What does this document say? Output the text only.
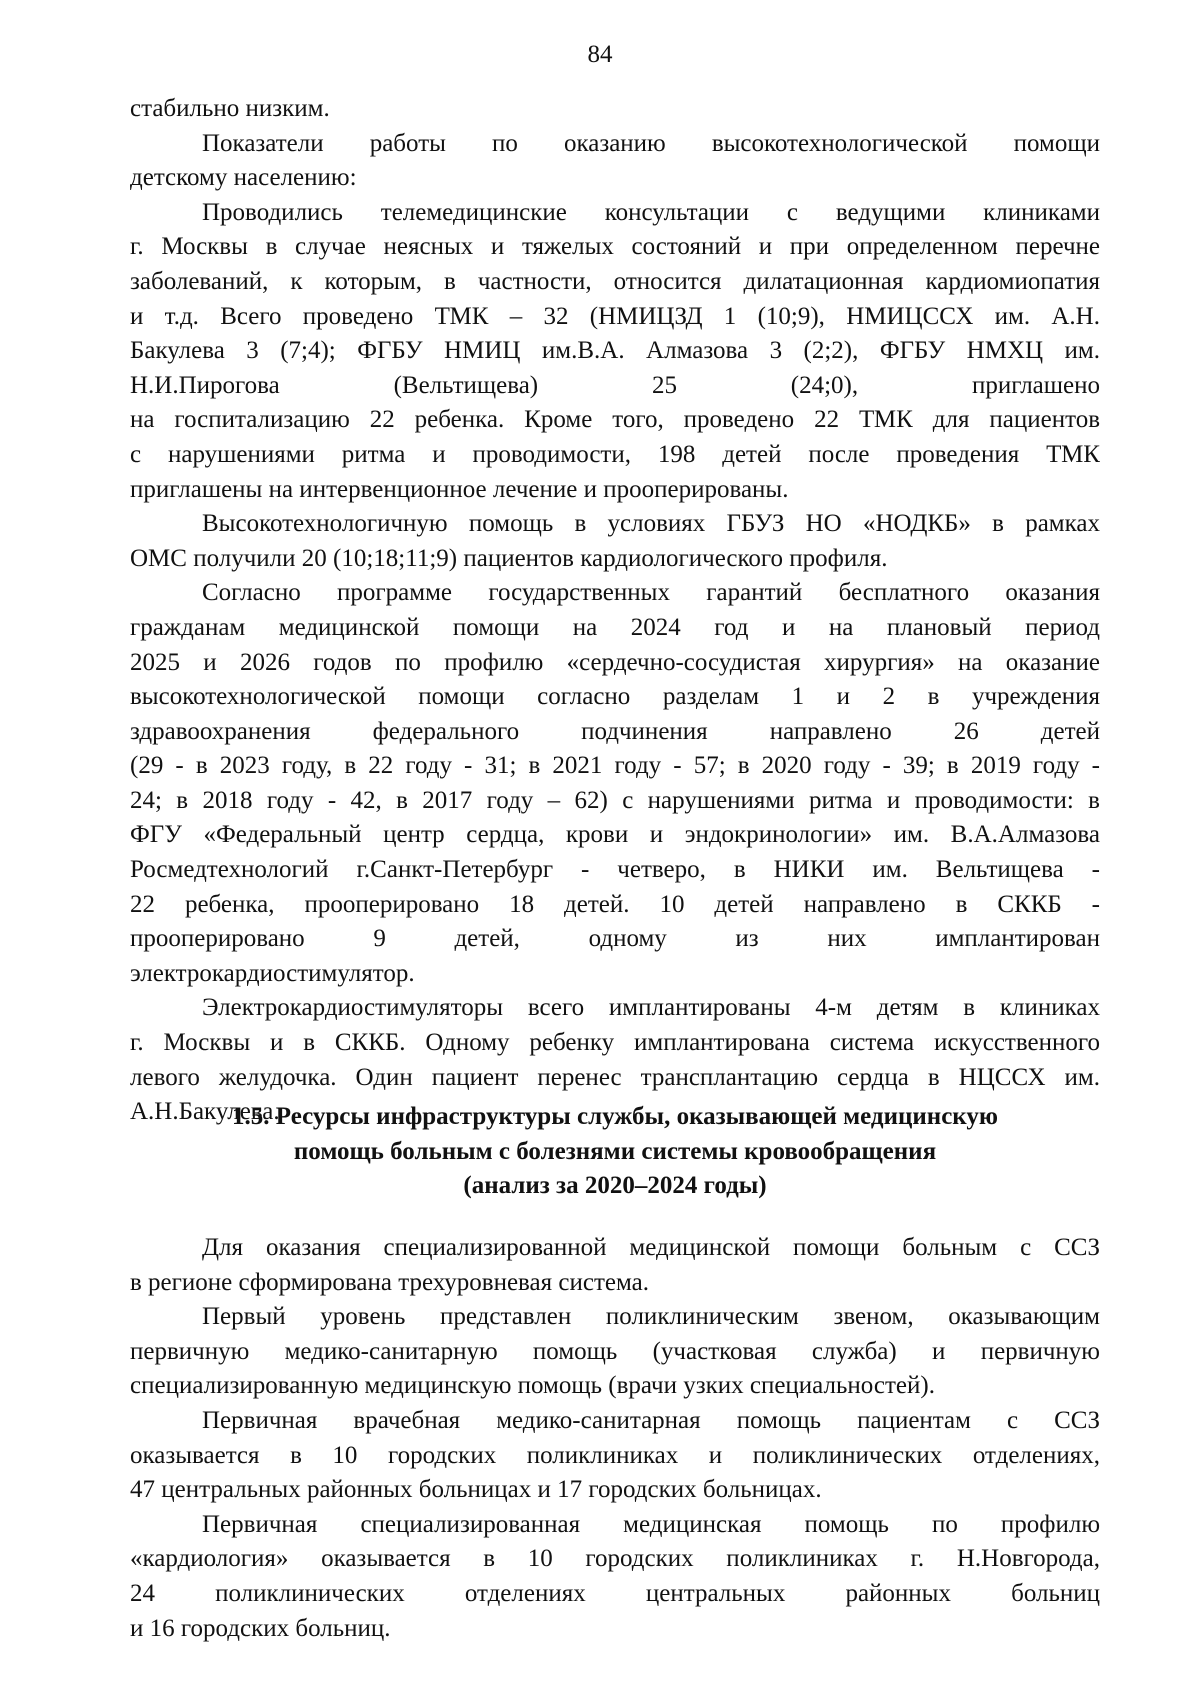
84
стабильно низким.
Показатели работы по оказанию высокотехнологической помощи
детскому населению:
Проводились телемедицинские консультации с ведущими клиниками
г. Москвы в случае неясных и тяжелых состояний и при определенном перечне
заболеваний, к которым, в частности, относится дилатационная кардиомиопатия
и т.д. Всего проведено ТМК – 32 (НМИЦЗД 1 (10;9), НМИЦССХ им. А.Н.
Бакулева 3 (7;4); ФГБУ НМИЦ им.В.А. Алмазова 3 (2;2), ФГБУ НМХЦ им.
Н.И.Пирогова (Вельтищева) 25 (24;0), приглашено
на госпитализацию 22 ребенка. Кроме того, проведено 22 ТМК для пациентов
с нарушениями ритма и проводимости, 198 детей после проведения ТМК
приглашены на интервенционное лечение и прооперированы.
Высокотехнологичную помощь в условиях ГБУЗ НО «НОДКБ» в рамках
ОМС получили 20 (10;18;11;9) пациентов кардиологического профиля.
Согласно программе государственных гарантий бесплатного оказания
гражданам медицинской помощи на 2024 год и на плановый период
2025 и 2026 годов по профилю «сердечно-сосудистая хирургия» на оказание
высокотехнологической помощи согласно разделам 1 и 2 в учреждения
здравоохранения федерального подчинения направлено 26 детей
(29 - в 2023 году, в 22 году - 31; в 2021 году - 57; в 2020 году - 39; в 2019 году -
24; в 2018 году - 42, в 2017 году – 62) с нарушениями ритма и проводимости: в
ФГУ «Федеральный центр сердца, крови и эндокринологии» им. В.А.Алмазова
Росмедтехнологий г.Санкт-Петербург - четверо, в НИКИ им. Вельтищева -
22 ребенка, прооперировано 18 детей. 10 детей направлено в СККБ -
прооперировано 9 детей, одному из них имплантирован
электрокардиостимулятор.
Электрокардиостимуляторы всего имплантированы 4-м детям в клиниках
г. Москвы и в СККБ. Одному ребенку имплантирована система искусственного
левого желудочка. Один пациент перенес трансплантацию сердца в НЦССХ им.
А.Н.Бакулева.
1.5. Ресурсы инфраструктуры службы, оказывающей медицинскую
помощь больным с болезнями системы кровообращения
(анализ за 2020–2024 годы)
Для оказания специализированной медицинской помощи больным с ССЗ
в регионе сформирована трехуровневая система.
Первый уровень представлен поликлиническим звеном, оказывающим
первичную медико-санитарную помощь (участковая служба) и первичную
специализированную медицинскую помощь (врачи узких специальностей).
Первичная врачебная медико-санитарная помощь пациентам с ССЗ
оказывается в 10 городских поликлиниках и поликлинических отделениях,
47 центральных районных больницах и 17 городских больницах.
Первичная специализированная медицинская помощь по профилю
«кардиология» оказывается в 10 городских поликлиниках г. Н.Новгорода,
24 поликлинических отделениях центральных районных больниц
и 16 городских больниц.
